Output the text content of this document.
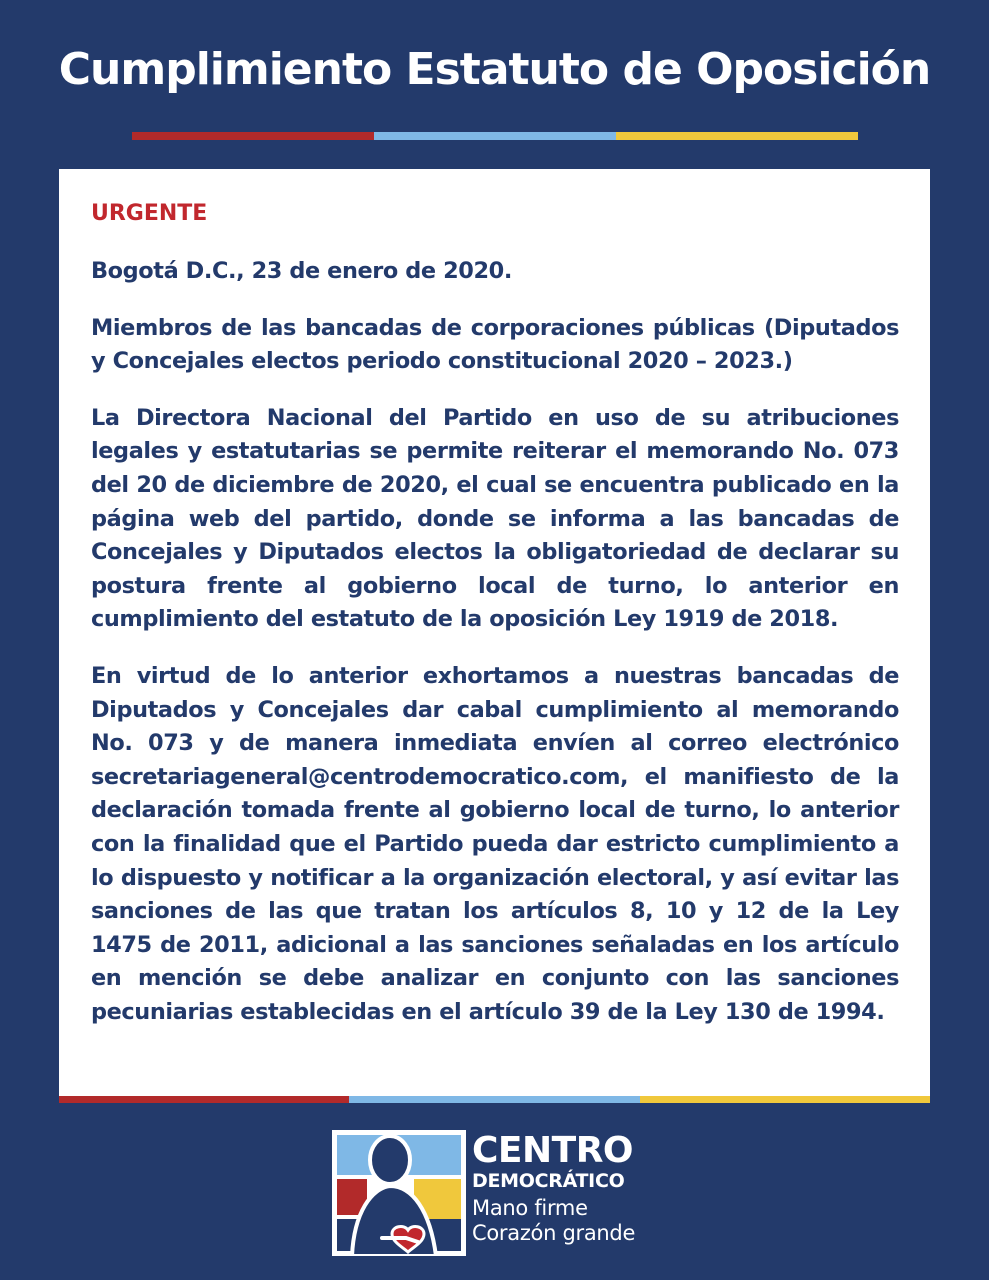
Cumplimiento Estatuto de Oposición

URGENTE

Bogotá D.C., 23 de enero de 2020.

Miembros de las bancadas de corporaciones públicas (Diputados y Concejales electos periodo constitucional 2020 – 2023.)

La Directora Nacional del Partido en uso de su atribuciones legales y estatutarias se permite reiterar el memorando No. 073 del 20 de diciembre de 2020, el cual se encuentra publicado en la página web del partido, donde se informa a las bancadas de Concejales y Diputados electos la obligatoriedad de declarar su postura frente al gobierno local de turno, lo anterior en cumplimiento del estatuto de la oposición Ley 1919 de 2018.

En virtud de lo anterior exhortamos a nuestras bancadas de Diputados y Concejales dar cabal cumplimiento al memorando No. 073 y de manera inmediata envíen al correo electrónico secretariageneral@centrodemocratico.com, el manifiesto de la declaración tomada frente al gobierno local de turno, lo anterior con la finalidad que el Partido pueda dar estricto cumplimiento a lo dispuesto y notificar a la organización electoral, y así evitar las sanciones de las que tratan los artículos 8, 10 y 12 de la Ley 1475 de 2011, adicional a las sanciones señaladas en los artículo en mención se debe analizar en conjunto con las sanciones pecuniarias establecidas en el artículo 39 de la Ley 130 de 1994.

CENTRO
DEMOCRÁTICO
Mano firme
Corazón grande
